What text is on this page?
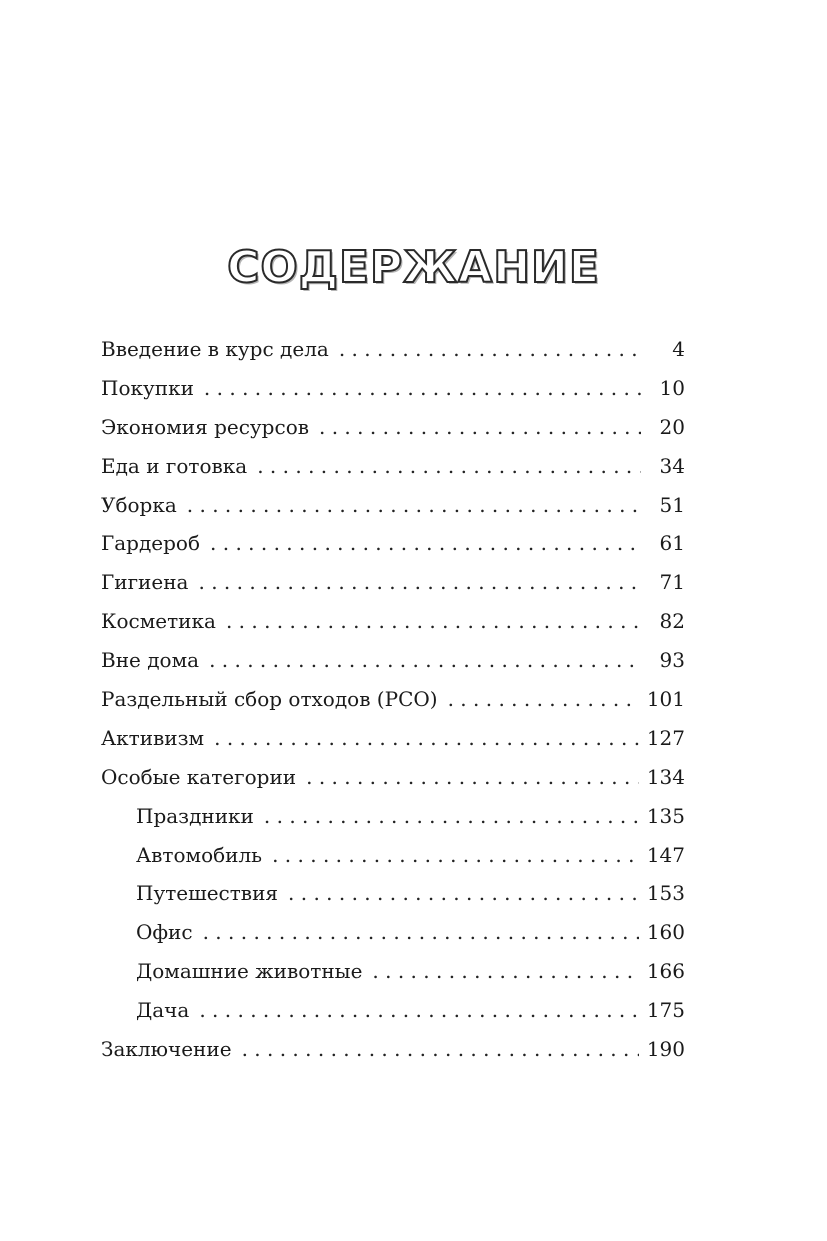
СОДЕРЖАНИЕ
Введение в курс дела . . .	4
Покупки . . .	10
Экономия ресурсов . . .	20
Еда и готовка . . .	34
Уборка . . .	51
Гардероб . . .	61
Гигиена . . .	71
Косметика . . .	82
Вне дома . . .	93
Раздельный сбор отходов (РСО) . . .	101
Активизм . . .	127
Особые категории . . .	134
Праздники . . .	135
Автомобиль . . .	147
Путешествия . . .	153
Офис . . .	160
Домашние животные . . .	166
Дача . . .	175
Заключение . . .	190
